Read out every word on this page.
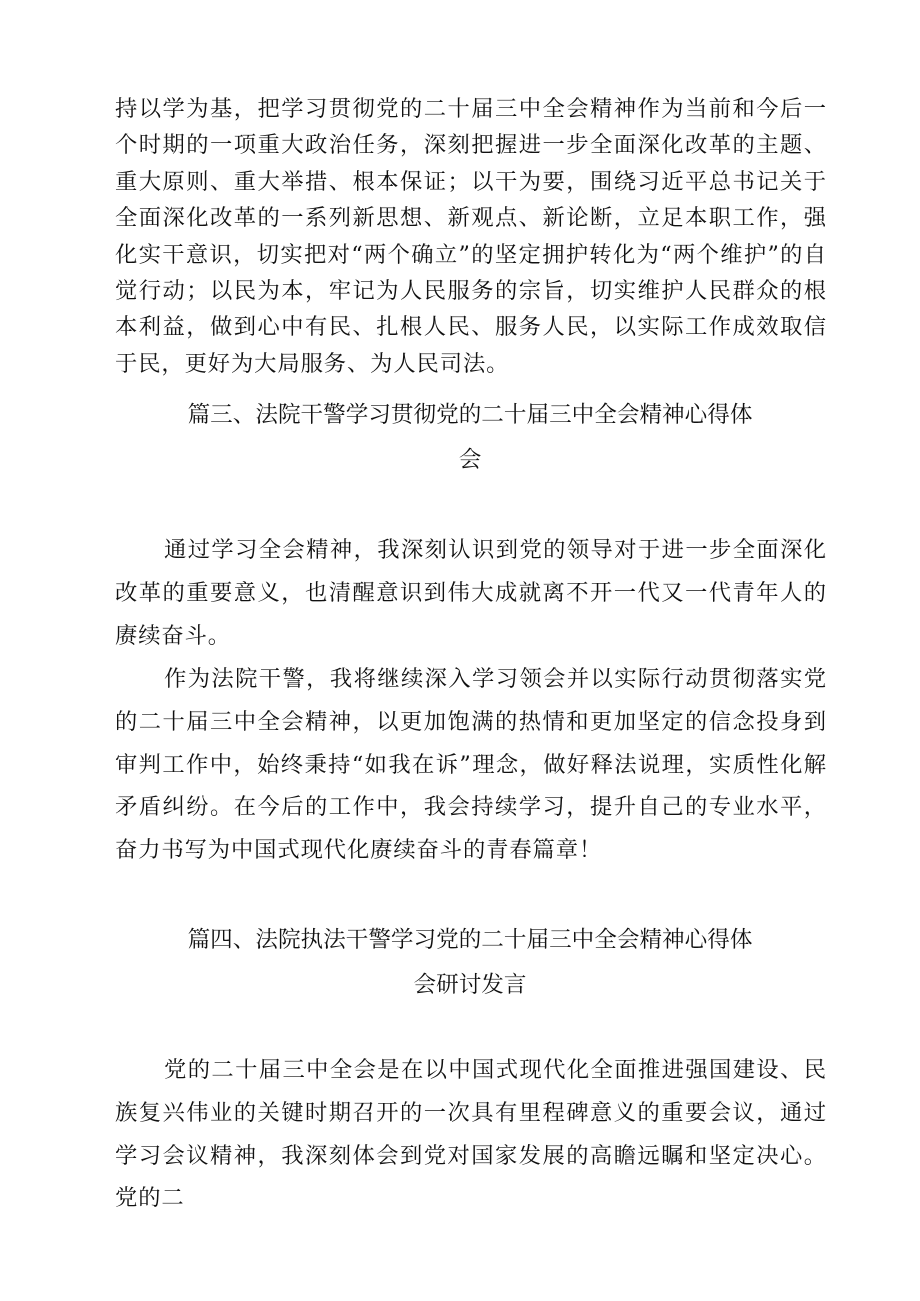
持以学为基，把学习贯彻党的二十届三中全会精神作为当前和今后一个时期的一项重大政治任务，深刻把握进一步全面深化改革的主题、重大原则、重大举措、根本保证；以干为要，围绕习近平总书记关于全面深化改革的一系列新思想、新观点、新论断，立足本职工作，强化实干意识，切实把对“两个确立”的坚定拥护转化为“两个维护”的自觉行动；以民为本，牢记为人民服务的宗旨，切实维护人民群众的根本利益，做到心中有民、扎根人民、服务人民，以实际工作成效取信于民，更好为大局服务、为人民司法。

篇三、法院干警学习贯彻党的二十届三中全会精神心得体
会

通过学习全会精神，我深刻认识到党的领导对于进一步全面深化改革的重要意义，也清醒意识到伟大成就离不开一代又一代青年人的赓续奋斗。

作为法院干警，我将继续深入学习领会并以实际行动贯彻落实党的二十届三中全会精神，以更加饱满的热情和更加坚定的信念投身到审判工作中，始终秉持“如我在诉”理念，做好释法说理，实质性化解矛盾纠纷。在今后的工作中，我会持续学习，提升自己的专业水平，奋力书写为中国式现代化赓续奋斗的青春篇章！

篇四、法院执法干警学习党的二十届三中全会精神心得体
会研讨发言

党的二十届三中全会是在以中国式现代化全面推进强国建设、民族复兴伟业的关键时期召开的一次具有里程碑意义的重要会议，通过学习会议精神，我深刻体会到党对国家发展的高瞻远瞩和坚定决心。党的二
